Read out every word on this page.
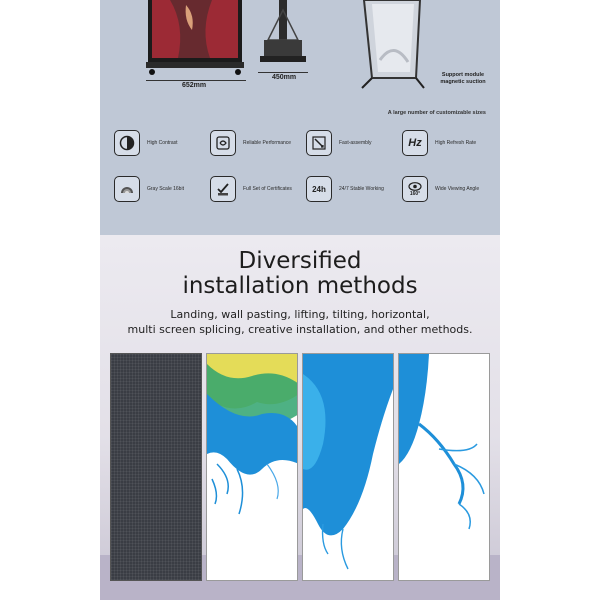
652mm
450mm	Support module
magnetic suction
A large number of customizable sizes
High Contrast	Reliable Performance	Fast-assembly	Hz	High Refresh Rate
Gray Scale 16bit	Full Set of Certificates	24h	24/7 Stable Working
160°
Wide Viewing Angle
Diversified
installation methods
Landing, wall pasting, lifting, tilting, horizontal,
multi screen splicing, creative installation, and other methods.
